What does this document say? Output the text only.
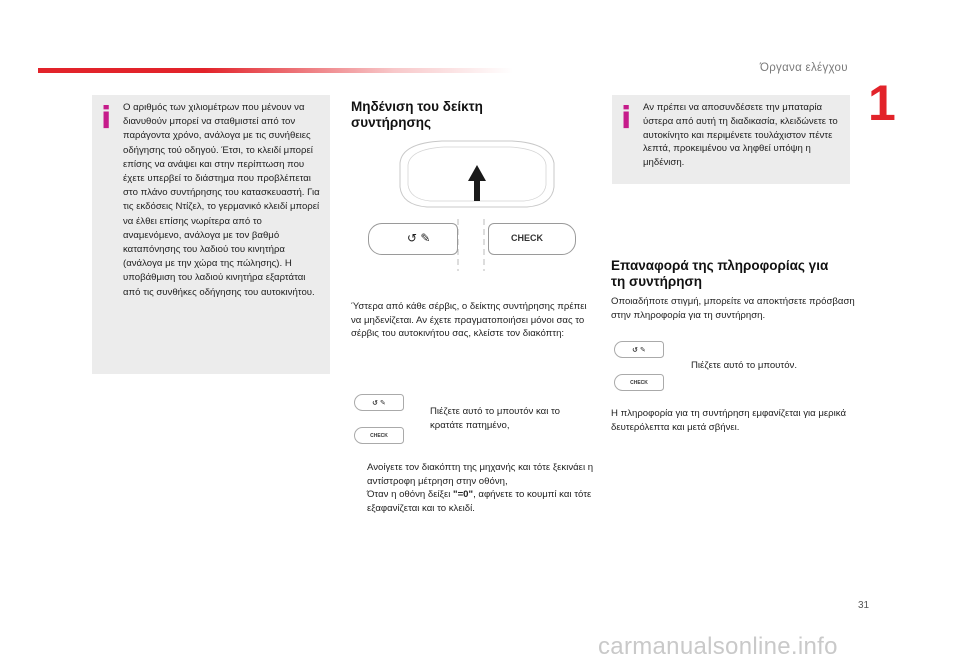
Όργανα ελέγχου
1
i Ο αριθμός των χιλιομέτρων που μένουν να διανυθούν μπορεί να σταθμιστεί από τον παράγοντα χρόνο, ανάλογα με τις συνήθειες οδήγησης τού οδηγού. Έτσι, το κλειδί μπορεί επίσης να ανάψει και στην περίπτωση που έχετε υπερβεί το διάστημα που προβλέπεται στο πλάνο συντήρησης του κατασκευαστή. Για τις εκδόσεις Ντίζελ, το γερμανικό κλειδί μπορεί να έλθει επίσης νωρίτερα από το αναμενόμενο, ανάλογα με τον βαθμό καταπόνησης του λαδιού του κινητήρα (ανάλογα με την χώρα της πώλησης). Η υποβάθμιση του λαδιού κινητήρα εξαρτάται από τις συνθήκες οδήγησης του αυτοκινήτου.
Μηδένιση του δείκτη συντήρησης
↺ ✎	CHECK
Ύστερα από κάθε σέρβις, ο δείκτης συντήρησης πρέπει να μηδενίζεται. Αν έχετε πραγματοποιήσει μόνοι σας το σέρβις του αυτοκινήτου σας, κλείστε τον διακόπτη:
↺ ✎
CHECK
Πιέζετε αυτό το μπουτόν και το κρατάτε πατημένο,
Ανοίγετε τον διακόπτη της μηχανής και τότε ξεκινάει η αντίστροφη μέτρηση στην οθόνη,
Όταν η οθόνη δείξει "=0", αφήνετε το κουμπί και τότε εξαφανίζεται και το κλειδί.
i Αν πρέπει να αποσυνδέσετε την μπαταρία ύστερα από αυτή τη διαδικασία, κλειδώνετε το αυτοκίνητο και περιμένετε τουλάχιστον πέντε λεπτά, προκειμένου να ληφθεί υπόψη η μηδένιση.
Επαναφορά της πληροφορίας για τη συντήρηση
Οποιαδήποτε στιγμή, μπορείτε να αποκτήσετε πρόσβαση στην πληροφορία για τη συντήρηση.
↺ ✎
CHECK
Πιέζετε αυτό το μπουτόν.
Η πληροφορία για τη συντήρηση εμφανίζεται για μερικά δευτερόλεπτα και μετά σβήνει.
31
carmanualsonline.info
